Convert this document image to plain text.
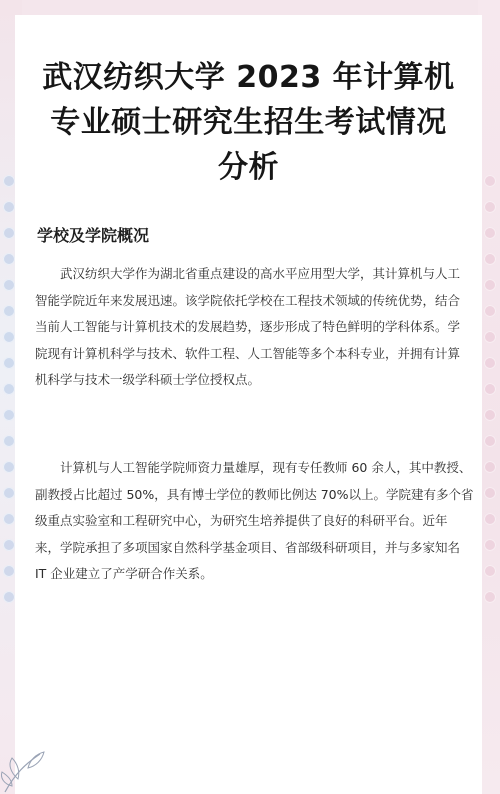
武汉纺织大学 2023 年计算机
专业硕士研究生招生考试情况
分析
学校及学院概况
武汉纺织大学作为湖北省重点建设的高水平应用型大学，其计算机与人工
智能学院近年来发展迅速。该学院依托学校在工程技术领域的传统优势，结合
当前人工智能与计算机技术的发展趋势，逐步形成了特色鲜明的学科体系。学
院现有计算机科学与技术、软件工程、人工智能等多个本科专业，并拥有计算
机科学与技术一级学科硕士学位授权点。
计算机与人工智能学院师资力量雄厚，现有专任教师 60 余人，其中教授、
副教授占比超过 50%，具有博士学位的教师比例达 70%以上。学院建有多个省
级重点实验室和工程研究中心，为研究生培养提供了良好的科研平台。近年
来，学院承担了多项国家自然科学基金项目、省部级科研项目，并与多家知名
IT 企业建立了产学研合作关系。
